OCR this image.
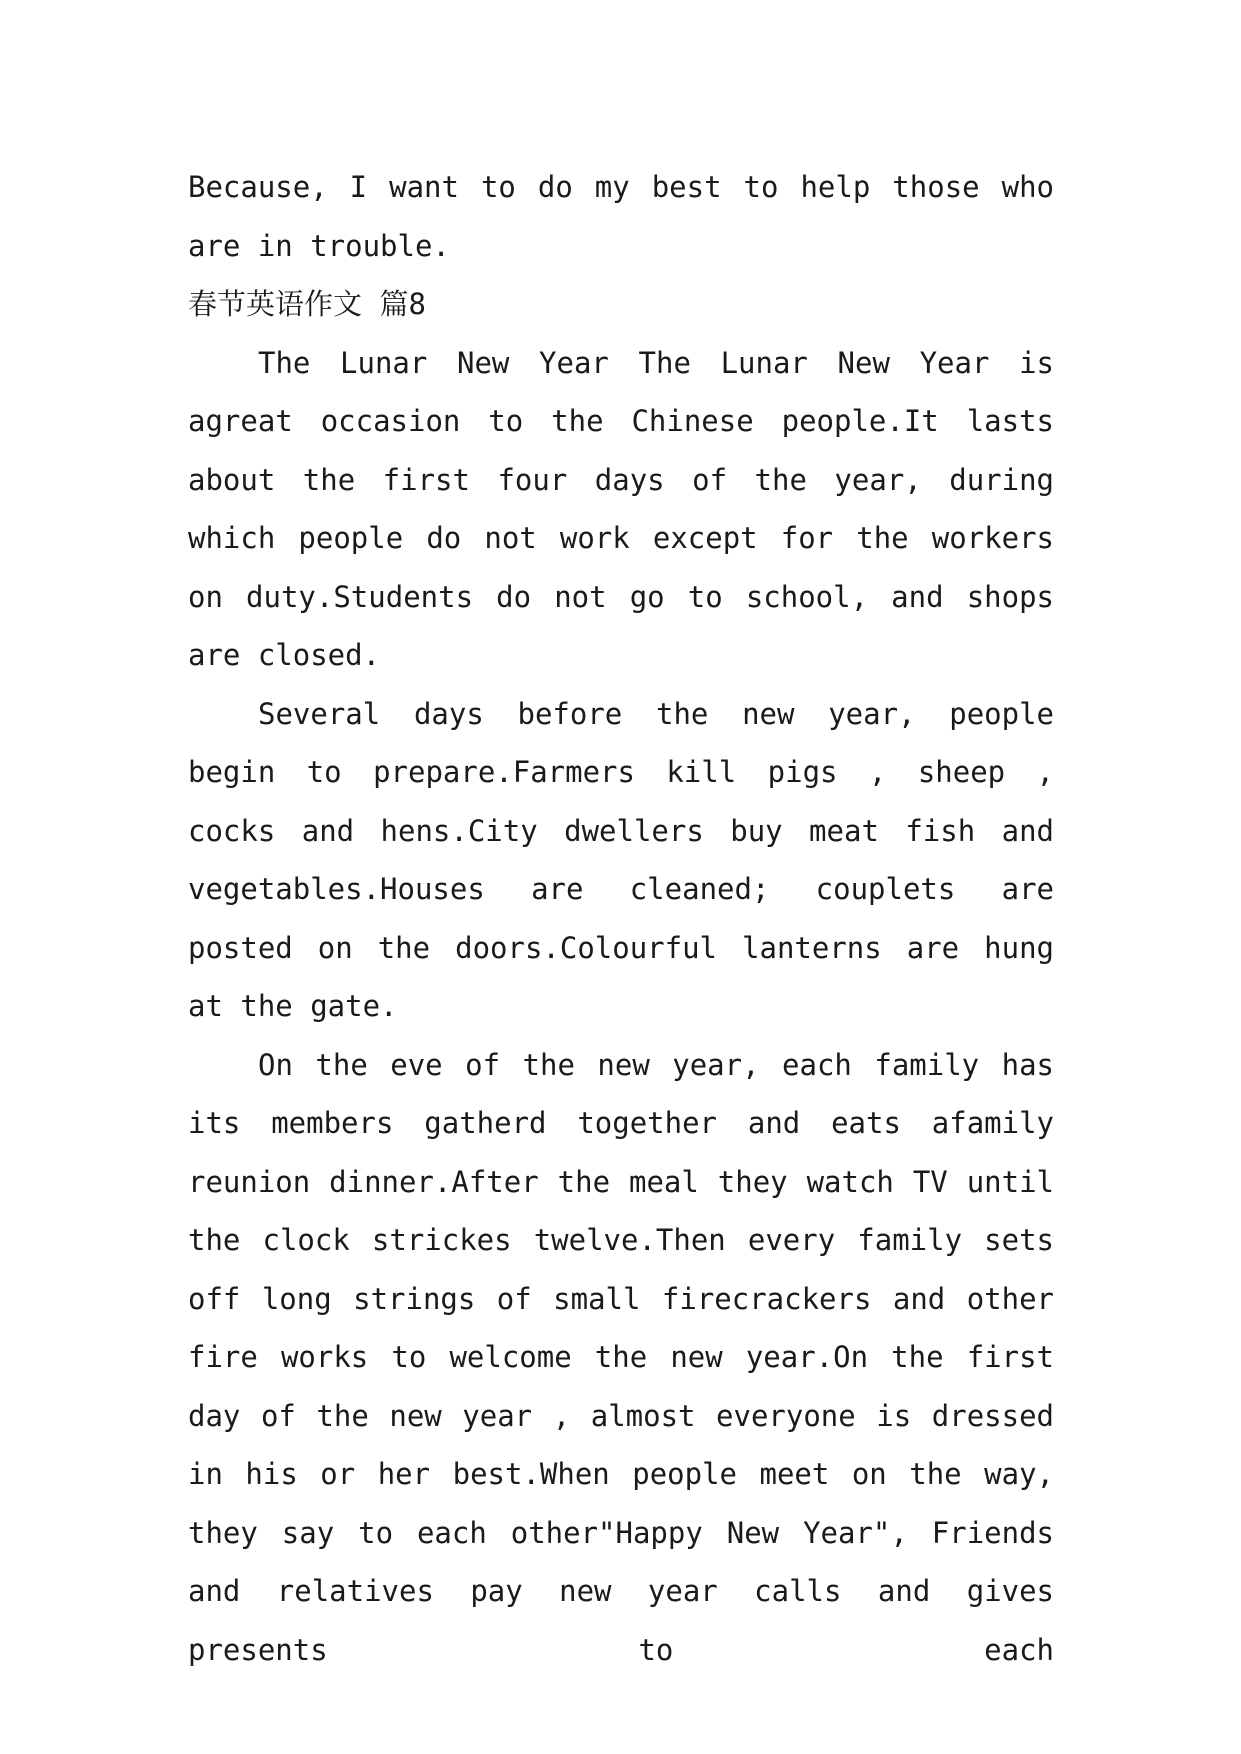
Because, I want to do my best to help those who are in trouble.

春节英语作文 篇8

The Lunar New Year The Lunar New Year is agreat occasion to the Chinese people.It lasts about the first four days of the year, during which people do not work except for the workers on duty.Students do not go to school, and shops are closed.

Several days before the new year, people begin to prepare.Farmers kill pigs , sheep , cocks and hens.City dwellers buy meat fish and vegetables.Houses are cleaned; couplets are posted on the doors.Colourful lanterns are hung at the gate.

On the eve of the new year, each family has its members gatherd together and eats afamily reunion dinner.After the meal they watch TV until the clock strickes twelve.Then every family sets off long strings of small firecrackers and other fire works to welcome the new year.On the first day of the new year , almost everyone is dressed in his or her best.When people meet on the way, they say to each other"Happy New Year", Friends and relatives pay new year calls and gives presents to each
